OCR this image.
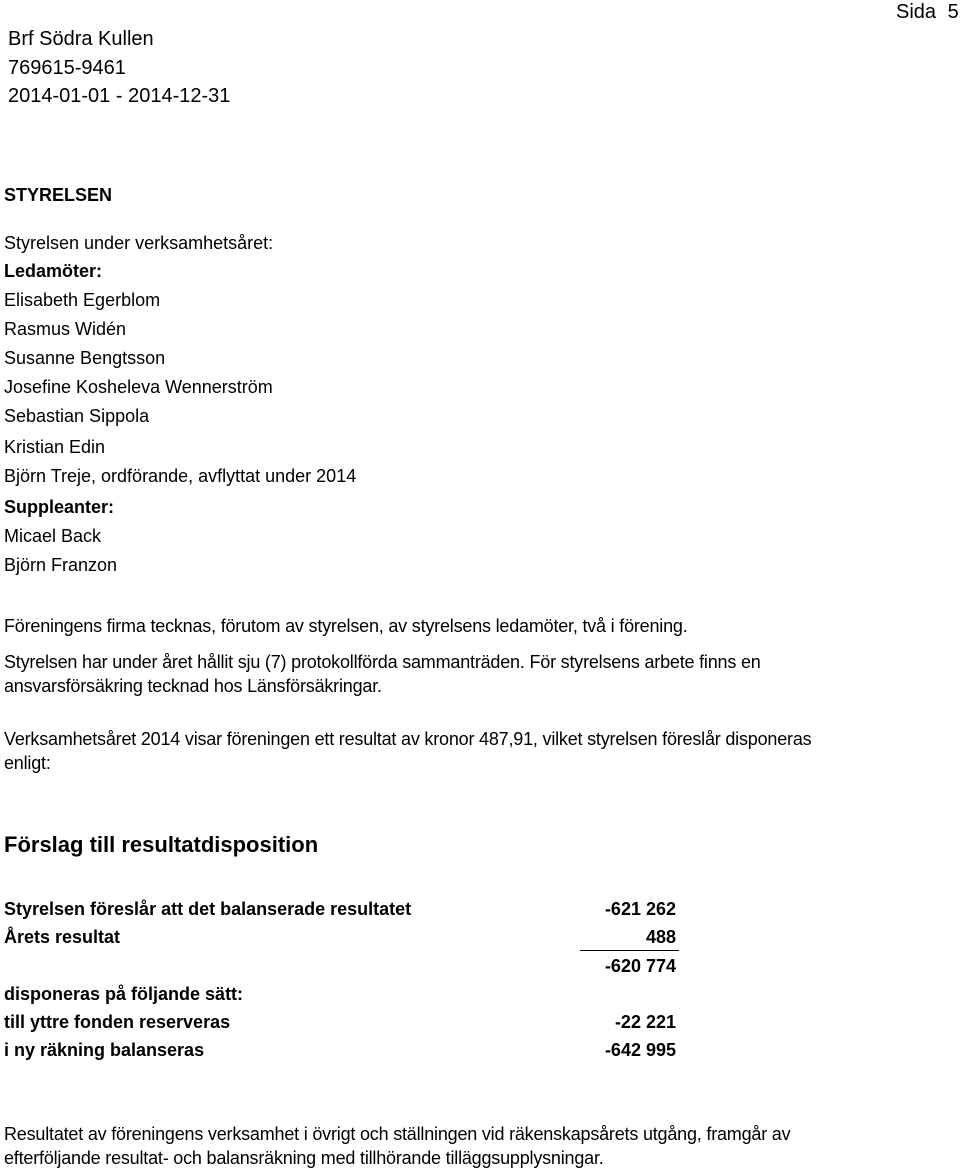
Brf Södra Kullen
769615-9461
2014-01-01 - 2014-12-31
Sida 5
STYRELSEN
Styrelsen under verksamhetsåret:
Ledamöter:
Elisabeth Egerblom
Rasmus Widén
Susanne Bengtsson
Josefine Kosheleva Wennerström
Sebastian Sippola
Kristian Edin
Björn Treje, ordförande, avflyttat under 2014
Suppleanter:
Micael Back
Björn Franzon
Föreningens firma tecknas, förutom av styrelsen, av styrelsens ledamöter, två i förening.
Styrelsen har under året hållit sju (7) protokollförda sammanträden. För styrelsens arbete finns en
ansvarsförsäkring tecknad hos Länsförsäkringar.
Verksamhetsåret 2014 visar föreningen ett resultat av kronor 487,91, vilket styrelsen föreslår disponeras
enligt:
Förslag till resultatdisposition
Styrelsen föreslår att det balanserade resultatet	-621 262
Årets resultat	488
-620 774
disponeras på följande sätt:
till yttre fonden reserveras	-22 221
i ny räkning balanseras	-642 995
Resultatet av föreningens verksamhet i övrigt och ställningen vid räkenskapsårets utgång, framgår av
efterföljande resultat- och balansräkning med tillhörande tilläggsupplysningar.
